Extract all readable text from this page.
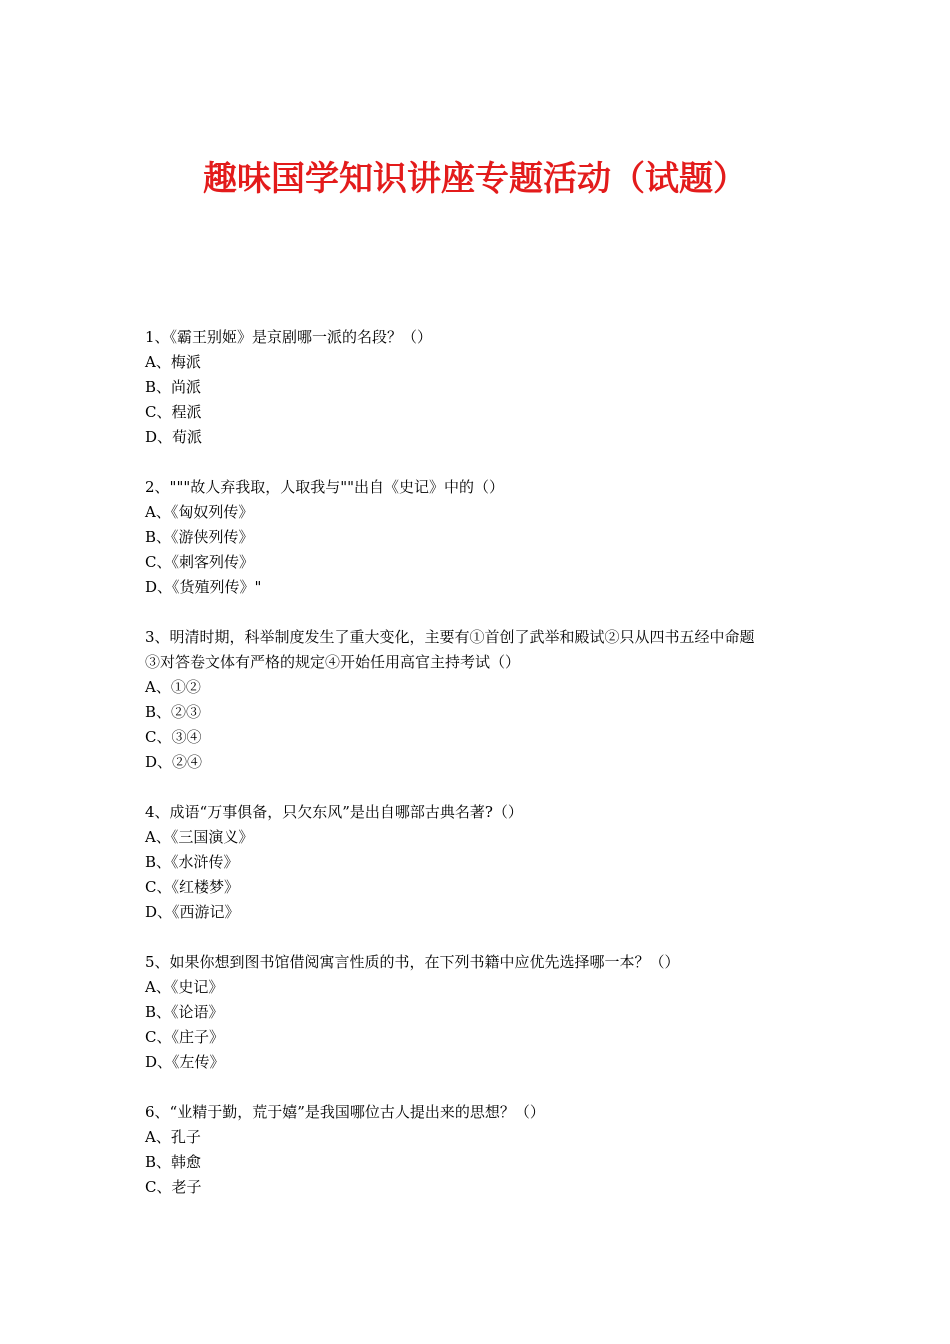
趣味国学知识讲座专题活动（试题）
1、《霸王别姬》是京剧哪一派的名段？（）
A、梅派
B、尚派
C、程派
D、荀派
2、"""故人弃我取，人取我与""出自《史记》中的（）
A、《匈奴列传》
B、《游侠列传》
C、《刺客列传》
D、《货殖列传》"
3、明清时期，科举制度发生了重大变化，主要有①首创了武举和殿试②只从四书五经中命题
③对答卷文体有严格的规定④开始任用高官主持考试（）
A、①②
B、②③
C、③④
D、②④
4、成语“万事俱备，只欠东风”是出自哪部古典名著?（）
A、《三国演义》
B、《水浒传》
C、《红楼梦》
D、《西游记》
5、如果你想到图书馆借阅寓言性质的书，在下列书籍中应优先选择哪一本？（）
A、《史记》
B、《论语》
C、《庄子》
D、《左传》
6、“业精于勤，荒于嬉”是我国哪位古人提出来的思想？（）
A、孔子
B、韩愈
C、老子
